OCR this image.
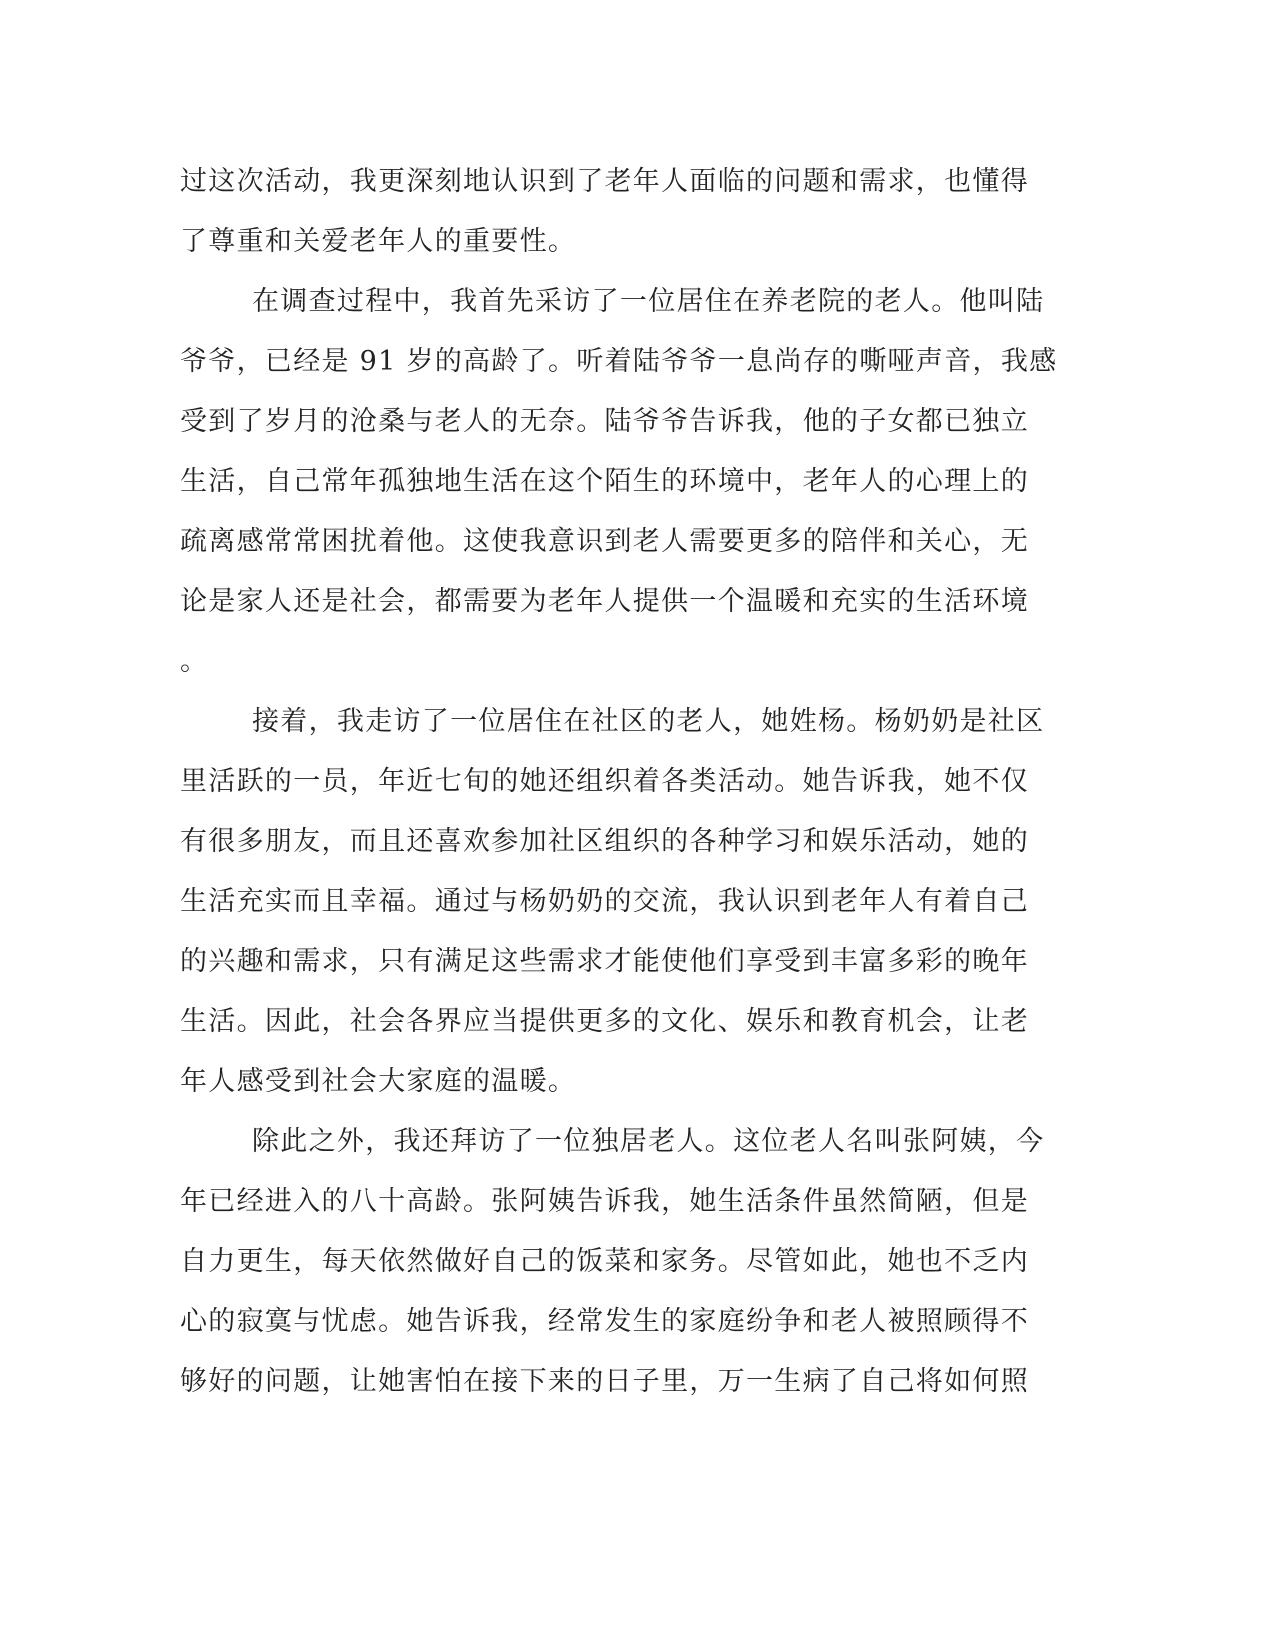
过这次活动，我更深刻地认识到了老年人面临的问题和需求，也懂得
了尊重和关爱老年人的重要性。
在调查过程中，我首先采访了一位居住在养老院的老人。他叫陆
爷爷，已经是 91 岁的高龄了。听着陆爷爷一息尚存的嘶哑声音，我感
受到了岁月的沧桑与老人的无奈。陆爷爷告诉我，他的子女都已独立
生活，自己常年孤独地生活在这个陌生的环境中，老年人的心理上的
疏离感常常困扰着他。这使我意识到老人需要更多的陪伴和关心，无
论是家人还是社会，都需要为老年人提供一个温暖和充实的生活环境
。
接着，我走访了一位居住在社区的老人，她姓杨。杨奶奶是社区
里活跃的一员，年近七旬的她还组织着各类活动。她告诉我，她不仅
有很多朋友，而且还喜欢参加社区组织的各种学习和娱乐活动，她的
生活充实而且幸福。通过与杨奶奶的交流，我认识到老年人有着自己
的兴趣和需求，只有满足这些需求才能使他们享受到丰富多彩的晚年
生活。因此，社会各界应当提供更多的文化、娱乐和教育机会，让老
年人感受到社会大家庭的温暖。
除此之外，我还拜访了一位独居老人。这位老人名叫张阿姨，今
年已经进入的八十高龄。张阿姨告诉我，她生活条件虽然简陋，但是
自力更生，每天依然做好自己的饭菜和家务。尽管如此，她也不乏内
心的寂寞与忧虑。她告诉我，经常发生的家庭纷争和老人被照顾得不
够好的问题，让她害怕在接下来的日子里，万一生病了自己将如何照
